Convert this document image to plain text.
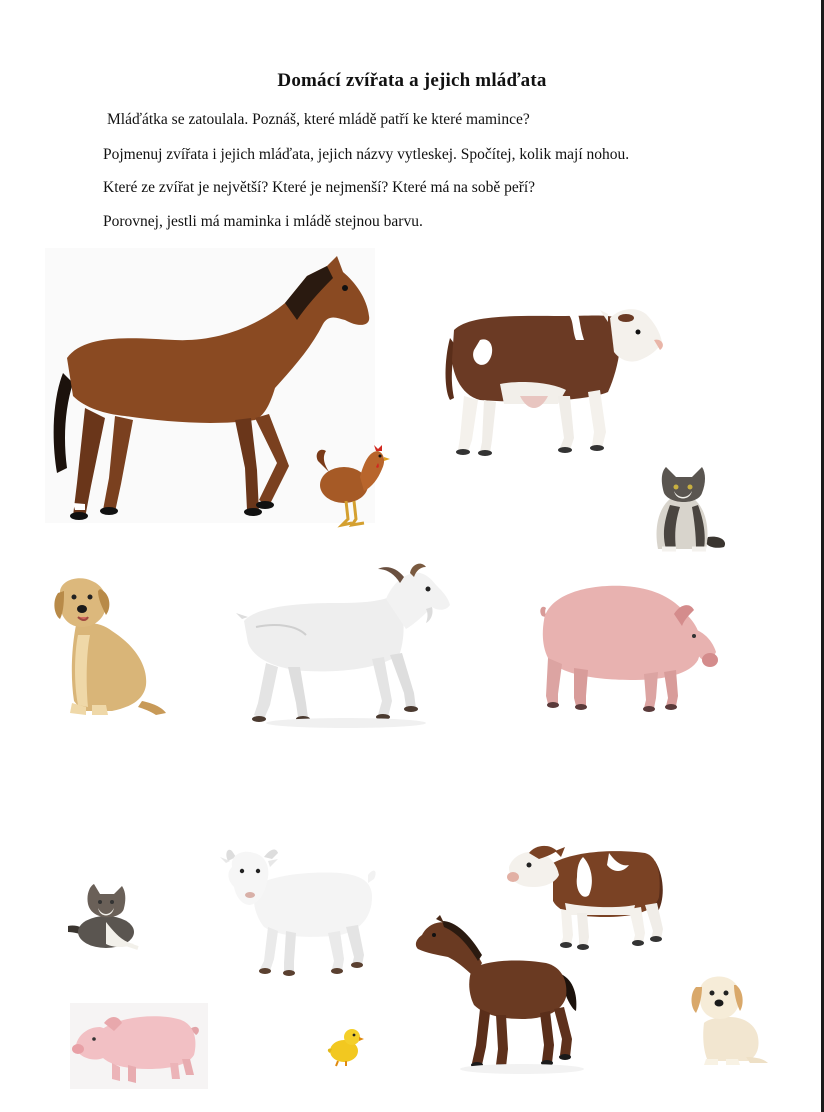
Domácí zvířata a jejich mláďata
Mláďátka se zatoulala. Poznáš, které mládě patří ke které mamince?
Pojmenuj zvířata i jejich mláďata, jejich názvy vytleskej. Spočítej, kolik mají nohou.
Které ze zvířat je největší? Které je nejmenší? Které má na sobě peří?
Porovnej, jestli má maminka i mládě stejnou barvu.
